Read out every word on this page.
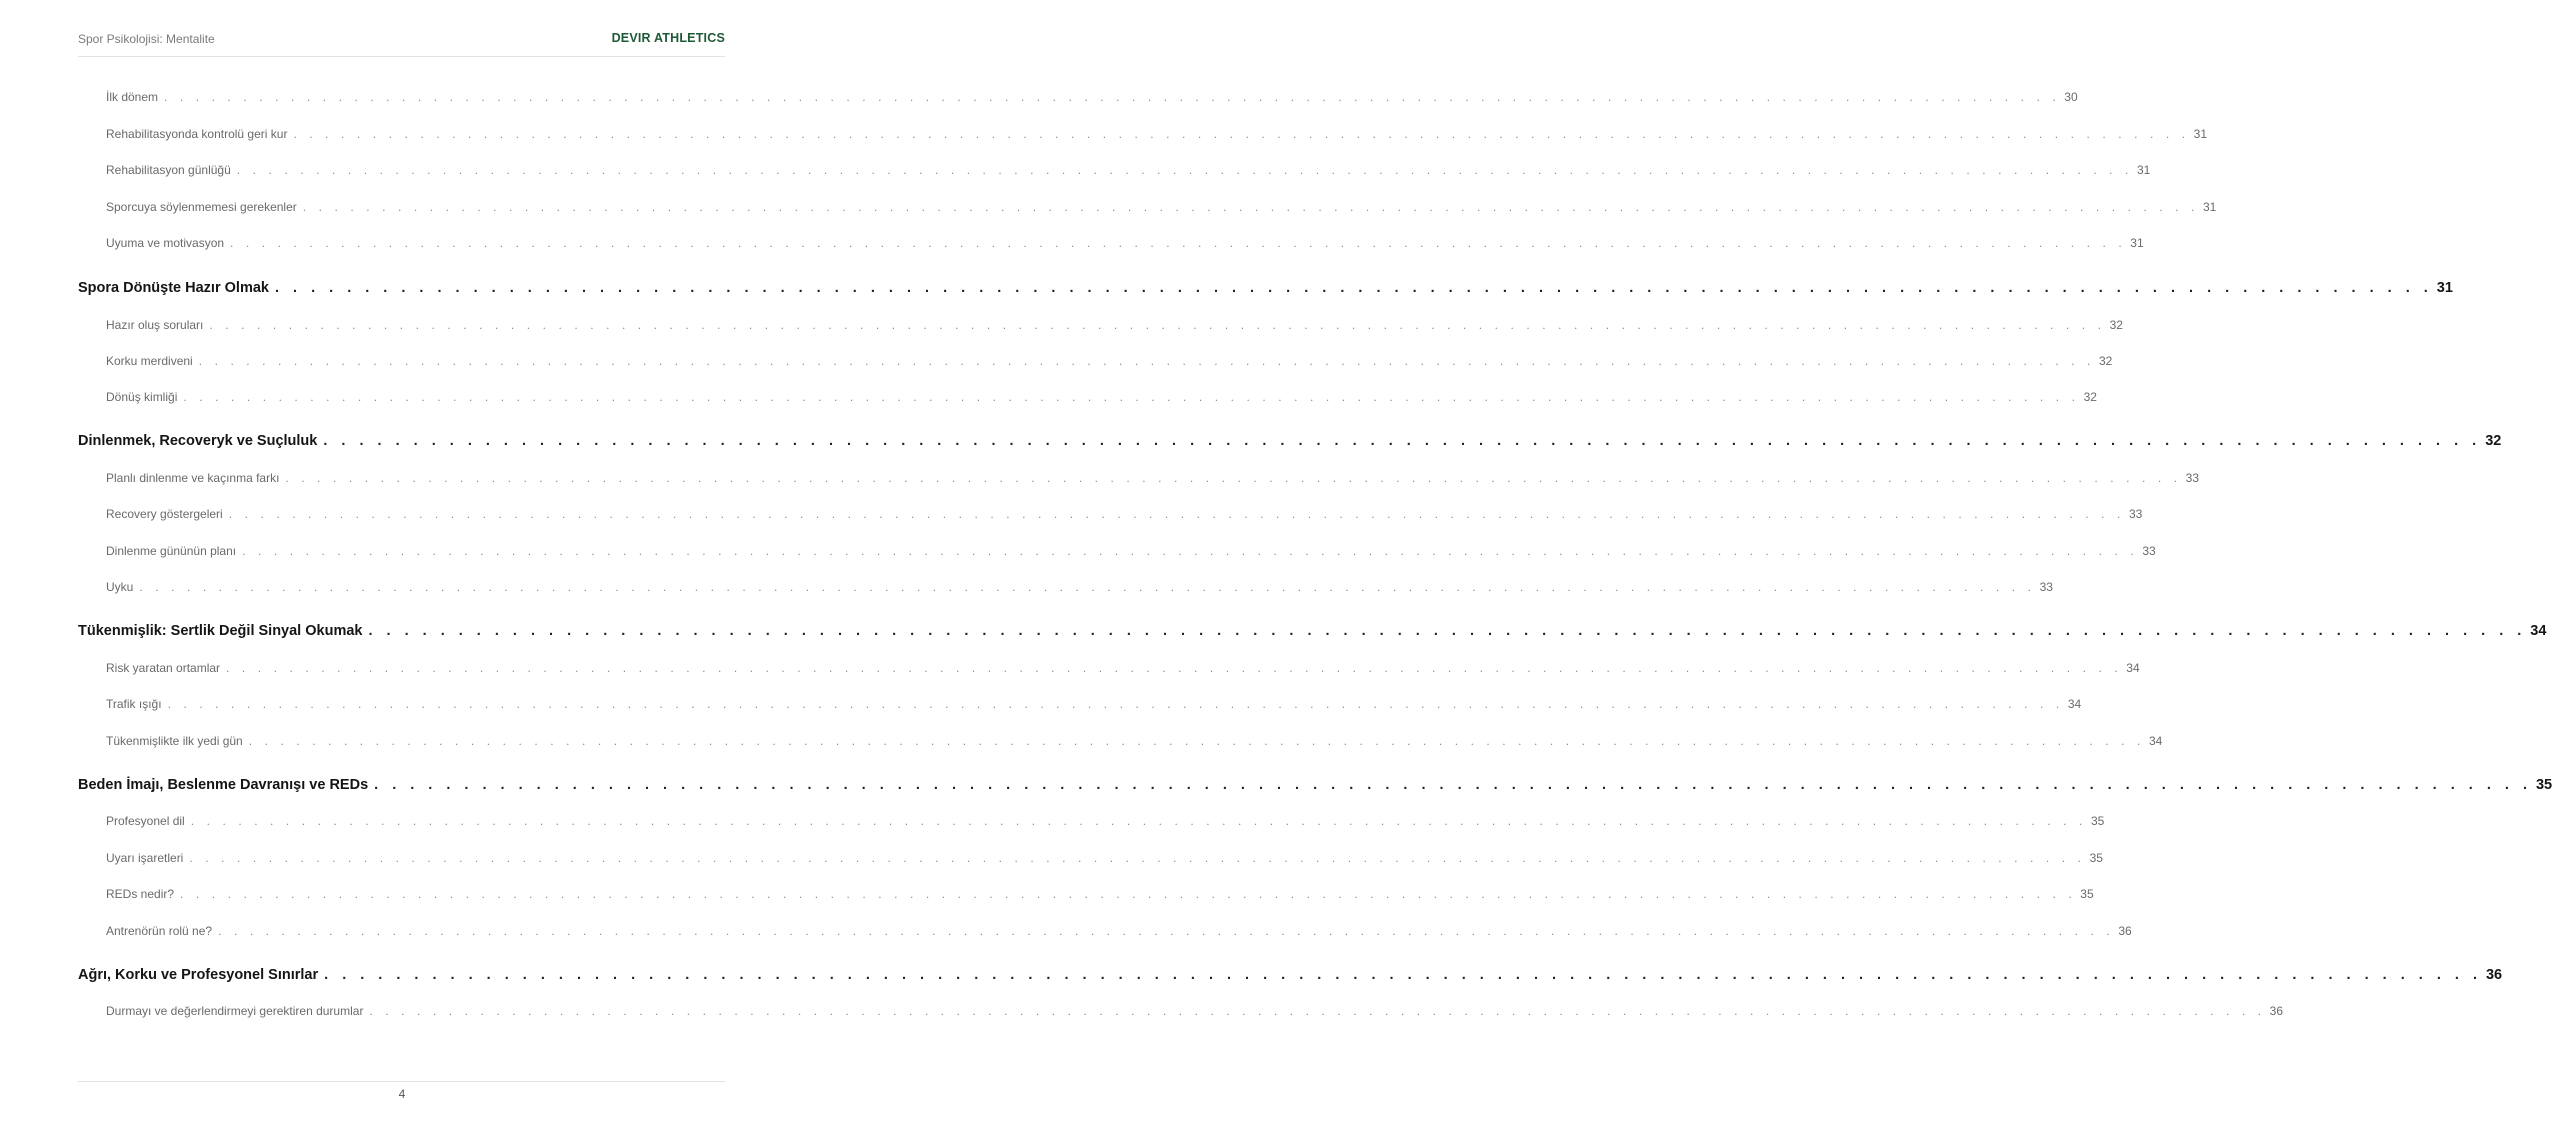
Spor Psikolojisi: Mentalite	DEVIR ATHLETICS
İlk dönem . . . . . . . . . . . . . . . . . . . . . . . . . . . . . . . . . . . . . . . . . . . . . . . . . . . . . . . . . . . . . . . . . . . . . . . . . . . . . . . . . . . . . . . . . . . . . . . . . . . . . . . . . . . . . . . . . . . . . . . . 30
Rehabilitasyonda kontrolü geri kur . . . . . . . . . . . . . . . . . . . . . . . . . . . . . . . . . . . . . . . . . . . . . . . . . . . . . . . . . . . . . . . . . . . . . . . . . . . . . . . . . . . . . . . . . . . . . . . . . . . . . . . . . . . . . . . . . . . . . . . . 31
Rehabilitasyon günlüğü . . . . . . . . . . . . . . . . . . . . . . . . . . . . . . . . . . . . . . . . . . . . . . . . . . . . . . . . . . . . . . . . . . . . . . . . . . . . . . . . . . . . . . . . . . . . . . . . . . . . . . . . . . . . . . . . . . . . . . . . 31
Sporcuya söylenmemesi gerekenler . . . . . . . . . . . . . . . . . . . . . . . . . . . . . . . . . . . . . . . . . . . . . . . . . . . . . . . . . . . . . . . . . . . . . . . . . . . . . . . . . . . . . . . . . . . . . . . . . . . . . . . . . . . . . . . . . . . . . . . . 31
Uyuma ve motivasyon . . . . . . . . . . . . . . . . . . . . . . . . . . . . . . . . . . . . . . . . . . . . . . . . . . . . . . . . . . . . . . . . . . . . . . . . . . . . . . . . . . . . . . . . . . . . . . . . . . . . . . . . . . . . . . . . . . . . . . . . 31
Spora Dönüşte Hazır Olmak . . . . . . . . . . . . . . . . . . . . . . . . . . . . . . . . . . . . . . . . . . . . . . . . . . . . . . . . . . . . . . . . . . . . . . . . . . . . . . . . . . . . . . . . . . . . . . . . . . . . . . . . . . . . . . . . . . . . . . . . 31
Hazır oluş soruları . . . . . . . . . . . . . . . . . . . . . . . . . . . . . . . . . . . . . . . . . . . . . . . . . . . . . . . . . . . . . . . . . . . . . . . . . . . . . . . . . . . . . . . . . . . . . . . . . . . . . . . . . . . . . . . . . . . . . . . . 32
Korku merdiveni . . . . . . . . . . . . . . . . . . . . . . . . . . . . . . . . . . . . . . . . . . . . . . . . . . . . . . . . . . . . . . . . . . . . . . . . . . . . . . . . . . . . . . . . . . . . . . . . . . . . . . . . . . . . . . . . . . . . . . . . 32
Dönüş kimliği . . . . . . . . . . . . . . . . . . . . . . . . . . . . . . . . . . . . . . . . . . . . . . . . . . . . . . . . . . . . . . . . . . . . . . . . . . . . . . . . . . . . . . . . . . . . . . . . . . . . . . . . . . . . . . . . . . . . . . . . 32
Dinlenmek, Recoveryk ve Suçluluk . . . . . . . . . . . . . . . . . . . . . . . . . . . . . . . . . . . . . . . . . . . . . . . . . . . . . . . . . . . . . . . . . . . . . . . . . . . . . . . . . . . . . . . . . . . . . . . . . . . . . . . . . . . . . . . . . . . . . . . . 32
Planlı dinlenme ve kaçınma farkı . . . . . . . . . . . . . . . . . . . . . . . . . . . . . . . . . . . . . . . . . . . . . . . . . . . . . . . . . . . . . . . . . . . . . . . . . . . . . . . . . . . . . . . . . . . . . . . . . . . . . . . . . . . . . . . . . . . . . . . . 33
Recovery göstergeleri . . . . . . . . . . . . . . . . . . . . . . . . . . . . . . . . . . . . . . . . . . . . . . . . . . . . . . . . . . . . . . . . . . . . . . . . . . . . . . . . . . . . . . . . . . . . . . . . . . . . . . . . . . . . . . . . . . . . . . . . 33
Dinlenme gününün planı . . . . . . . . . . . . . . . . . . . . . . . . . . . . . . . . . . . . . . . . . . . . . . . . . . . . . . . . . . . . . . . . . . . . . . . . . . . . . . . . . . . . . . . . . . . . . . . . . . . . . . . . . . . . . . . . . . . . . . . . 33
Uyku . . . . . . . . . . . . . . . . . . . . . . . . . . . . . . . . . . . . . . . . . . . . . . . . . . . . . . . . . . . . . . . . . . . . . . . . . . . . . . . . . . . . . . . . . . . . . . . . . . . . . . . . . . . . . . . . . . . . . . . . 33
Tükenmişlik: Sertlik Değil Sinyal Okumak . . . . . . . . . . . . . . . . . . . . . . . . . . . . . . . . . . . . . . . . . . . . . . . . . . . . . . . . . . . . . . . . . . . . . . . . . . . . . . . . . . . . . . . . . . . . . . . . . . . . . . . . . . . . . . . . . . . . . . . . 34
Risk yaratan ortamlar . . . . . . . . . . . . . . . . . . . . . . . . . . . . . . . . . . . . . . . . . . . . . . . . . . . . . . . . . . . . . . . . . . . . . . . . . . . . . . . . . . . . . . . . . . . . . . . . . . . . . . . . . . . . . . . . . . . . . . . . 34
Trafik ışığı . . . . . . . . . . . . . . . . . . . . . . . . . . . . . . . . . . . . . . . . . . . . . . . . . . . . . . . . . . . . . . . . . . . . . . . . . . . . . . . . . . . . . . . . . . . . . . . . . . . . . . . . . . . . . . . . . . . . . . . . 34
Tükenmişlikte ilk yedi gün . . . . . . . . . . . . . . . . . . . . . . . . . . . . . . . . . . . . . . . . . . . . . . . . . . . . . . . . . . . . . . . . . . . . . . . . . . . . . . . . . . . . . . . . . . . . . . . . . . . . . . . . . . . . . . . . . . . . . . . . 34
Beden İmajı, Beslenme Davranışı ve REDs . . . . . . . . . . . . . . . . . . . . . . . . . . . . . . . . . . . . . . . . . . . . . . . . . . . . . . . . . . . . . . . . . . . . . . . . . . . . . . . . . . . . . . . . . . . . . . . . . . . . . . . . . . . . . . . . . . . . . . . . 35
Profesyonel dil . . . . . . . . . . . . . . . . . . . . . . . . . . . . . . . . . . . . . . . . . . . . . . . . . . . . . . . . . . . . . . . . . . . . . . . . . . . . . . . . . . . . . . . . . . . . . . . . . . . . . . . . . . . . . . . . . . . . . . . . 35
Uyarı işaretleri . . . . . . . . . . . . . . . . . . . . . . . . . . . . . . . . . . . . . . . . . . . . . . . . . . . . . . . . . . . . . . . . . . . . . . . . . . . . . . . . . . . . . . . . . . . . . . . . . . . . . . . . . . . . . . . . . . . . . . . . 35
REDs nedir? . . . . . . . . . . . . . . . . . . . . . . . . . . . . . . . . . . . . . . . . . . . . . . . . . . . . . . . . . . . . . . . . . . . . . . . . . . . . . . . . . . . . . . . . . . . . . . . . . . . . . . . . . . . . . . . . . . . . . . . . 35
Antrenörün rolü ne? . . . . . . . . . . . . . . . . . . . . . . . . . . . . . . . . . . . . . . . . . . . . . . . . . . . . . . . . . . . . . . . . . . . . . . . . . . . . . . . . . . . . . . . . . . . . . . . . . . . . . . . . . . . . . . . . . . . . . . . . 36
Ağrı, Korku ve Profesyonel Sınırlar . . . . . . . . . . . . . . . . . . . . . . . . . . . . . . . . . . . . . . . . . . . . . . . . . . . . . . . . . . . . . . . . . . . . . . . . . . . . . . . . . . . . . . . . . . . . . . . . . . . . . . . . . . . . . . . . . . . . . . . . 36
Durmayı ve değerlendirmeyi gerektiren durumlar . . . . . . . . . . . . . . . . . . . . . . . . . . . . . . . . . . . . . . . . . . . . . . . . . . . . . . . . . . . . . . . . . . . . . . . . . . . . . . . . . . . . . . . . . . . . . . . . . . . . . . . . . . . . . . . . . . . . . . . . 36
4
